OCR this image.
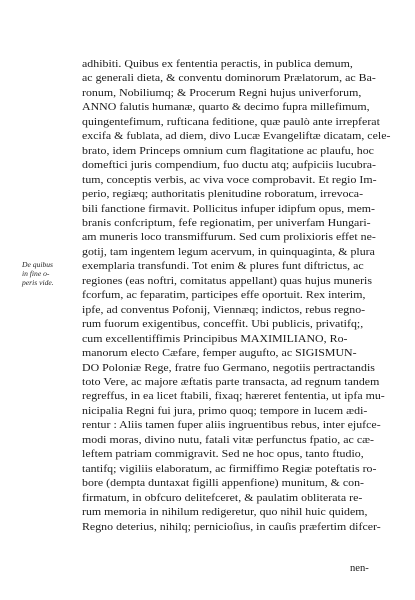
De quibus
in fine o-
peris vide.
adhibiti. Quibus ex fententia peractis, in publica demum,
ac generali dieta, & conventu dominorum Prælatorum, ac Ba-
ronum, Nobiliumq; & Procerum Regni hujus univerforum,
ANNO falutis humanæ, quarto & decimo fupra millefimum,
quingentefimum, rufticana feditione, quæ paulò ante irrepferat
excifa & fublata, ad diem, divo Lucæ Evangeliftæ dicatam, cele-
brato, idem Princeps omnium cum flagitatione ac plaufu, hoc
domeftici juris compendium, fuo ductu atq; aufpiciis lucubra-
tum, conceptis verbis, ac viva voce comprobavit. Et regio Im-
perio, regiæq; authoritatis plenitudine roboratum, irrevoca-
bili fanctione firmavit. Pollicitus infuper idipfum opus, mem-
branis confcriptum, fefe regionatim, per univerfam Hungari-
am muneris loco transmiffurum. Sed cum prolixioris effet ne-
gotij, tam ingentem legum acervum, in quinquaginta, & plura
exemplaria transfundi. Tot enim & plures funt diftrictus, ac
regiones (eas noftri, comitatus appellant) quas hujus muneris
fcorfum, ac feparatim, participes effe oportuit. Rex interim,
ipfe, ad conventus Pofonij, Viennæq; indictos, rebus regno-
rum fuorum exigentibus, conceffit. Ubi publicis, privatifq;,
cum excellentiffimis Principibus MAXIMILIANO, Ro-
manorum electo Cæfare, femper augufto, ac SIGISMUN-
DO Poloniæ Rege, fratre fuo Germano, negotiis pertractandis
toto Vere, ac majore æftatis parte transacta, ad regnum tandem
regreffus, in ea licet ftabili, fixaq; hæreret fententia, ut ipfa mu-
nicipalia Regni fui jura, primo quoq; tempore in lucem ædi-
rentur : Aliis tamen fuper aliis ingruentibus rebus, inter ejufce-
modi moras, divino nutu, fatali vitæ perfunctus fpatio, ac cæ-
leftem patriam commigravit. Sed ne hoc opus, tanto ftudio,
tantifq; vigiliis elaboratum, ac firmiffimo Regiæ poteftatis ro-
bore (dempta duntaxat figilli appenfione) munitum, & con-
firmatum, in obfcuro delitefceret, & paulatim obliterata re-
rum memoria in nihilum redigeretur, quo nihil huic quidem,
Regno deterius, nihilq; pernicioſius, in cauſis præfertim difcer-
nen-
